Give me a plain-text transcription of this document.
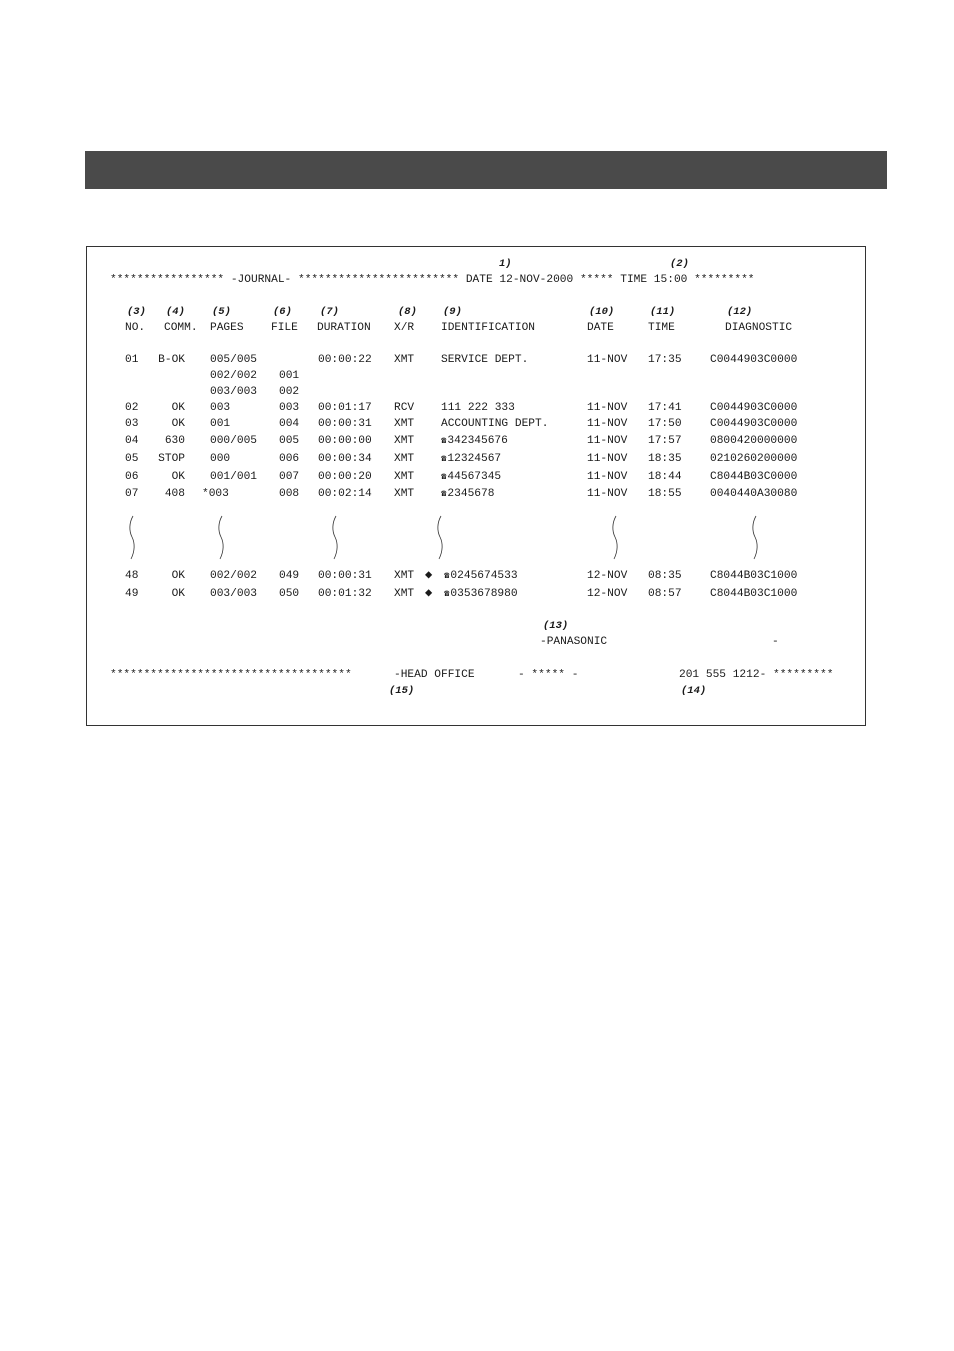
1)	(2)
(3) (4)	(5)	(6)	(7)	(8) (9)	(10)	(11)	(12)
(13)
(14)
(15)
***************** -JOURNAL- ************************ DATE 12-NOV-2000 ***** TIME 15:00 *********
NO. COMM. PAGES FILE DURATION X/R IDENTIFICATION	DATE	TIME	DIAGNOSTIC
01 B-OK 005/005	00:00:22 XMT SERVICE DEPT.	11-NOV 17:35	C0044903C0000
002/002 001
003/003 002
02	OK 003	003 00:01:17 RCV 111 222 333	11-NOV 17:41	C0044903C0000
03	OK 001	004 00:00:31 XMT ACCOUNTING DEPT.	11-NOV 17:50	C0044903C0000
04 630 000/005 005 00:00:00 XMT	☎342345676	11-NOV 17:57	0800420000000
05 STOP 000	006 00:00:34 XMT	☎12324567	11-NOV 18:35	0210260200000
06	OK 001/001 007 00:00:20 XMT	☎44567345	11-NOV 18:44	C8044B03C0000
07 408 *003	008 00:02:14 XMT	☎2345678	11-NOV 18:55	0040440A30080
48	OK 002/002 049 00:00:31 XMT ◆ ☎0245674533	12-NOV 08:35	C8044B03C1000
49	OK 003/003 050 00:01:32 XMT ◆ ☎0353678980	12-NOV 08:57	C8044B03C1000
-PANASONIC	-
************************************	-HEAD OFFICE	- ***** -	201 555 1212- *********
